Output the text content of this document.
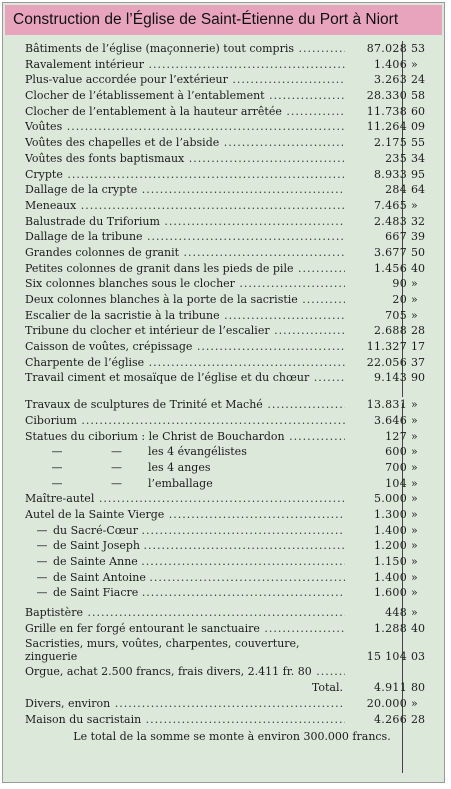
Construction de l’Église de Saint-Étienne du Port à Niort
Bâtiments de l’église (maçonnerie) tout compris .....	87.028 53
Ravalement intérieur .....	1.406 »
Plus-value accordée pour l’extérieur .....	3.263 24
Clocher de l’établissement à l’entablement .....	28.330 58
Clocher de l’entablement à la hauteur arrêtée .....	11.738 60
Voûtes .....	11.264 09
Voûtes des chapelles et de l’abside .....	2.175 55
Voûtes des fonts baptismaux .....	235 34
Crypte .....	8.933 95
Dallage de la crypte .....	284 64
Meneaux .....	7.465 »
Balustrade du Triforium .....	2.483 32
Dallage de la tribune .....	667 39
Grandes colonnes de granit .....	3.677 50
Petites colonnes de granit dans les pieds de pile .....	1.456 40
Six colonnes blanches sous le clocher .....	90 »
Deux colonnes blanches à la porte de la sacristie .....	20 »
Escalier de la sacristie à la tribune .....	705 »
Tribune du clocher et intérieur de l’escalier .....	2.688 28
Caisson de voûtes, crépissage .....	11.327 17
Charpente de l’église .....	22.056 37
Travail ciment et mosaïque de l’église et du chœur .....	9.143 90
Travaux de sculptures de Trinité et Maché .....	13.831 »
Ciborium .....	3.646 »
Statues du ciborium : le Christ de Bouchardon .....	127 »
—	— les 4 évangélistes	600 »
—	— les 4 anges	700 »
—	— l’emballage	104 »
Maître-autel .....	5.000 »
Autel de la Sainte Vierge .....	1.300 »
— du Sacré-Cœur .....	1.400 »
— de Saint Joseph .....	1.200 »
— de Sainte Anne .....	1.150 »
— de Saint Antoine .....	1.400 »
— de Saint Fiacre .....	1.600 »
Baptistère .....	448 »
Grille en fer forgé entourant le sanctuaire .....	1.288 40
Sacristies, murs, voûtes, charpentes, couverture, zinguerie	15 104 03
Orgue, achat 2.500 francs, frais divers, 2.411 fr. 80 .....
Total.	4.911 80
Divers, environ .....	20.000 »
Maison du sacristain .....	4.266 28
Le total de la somme se monte à environ 300.000 francs.
